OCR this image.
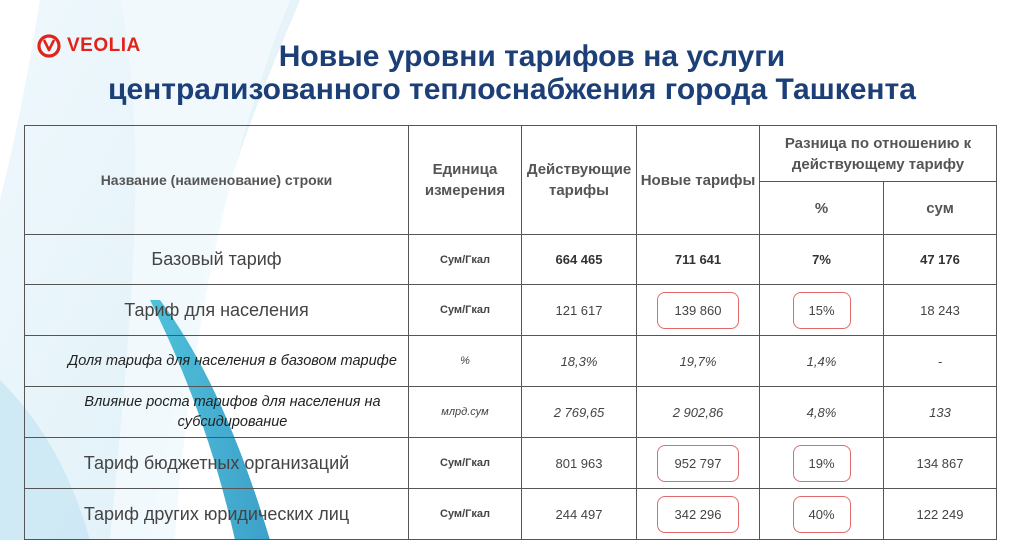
VEOLIA	Новые уровни тарифов на услуги
централизованного теплоснабжения города Ташкента
Название (наименование) строки	Единица измерения	Действующие тарифы	Новые тарифы	Разница по отношению к действующему тарифу	
				%	сум
Базовый тариф	Сум/Гкал	664 465	711 641	7%	47 176
Тариф для населения	Сум/Гкал	121 617	139 860	15%	18 243
Доля тарифа для населения в базовом тарифе	%	18,3%	19,7%	1,4%	-
Влияние роста тарифов для населения на субсидирование	млрд.сум	2 769,65	2 902,86	4,8%	133
Тариф бюджетных организаций	Сум/Гкал	801 963	952 797	19%	134 867
Тариф других юридических лиц	Сум/Гкал	244 497	342 296	40%	122 249
